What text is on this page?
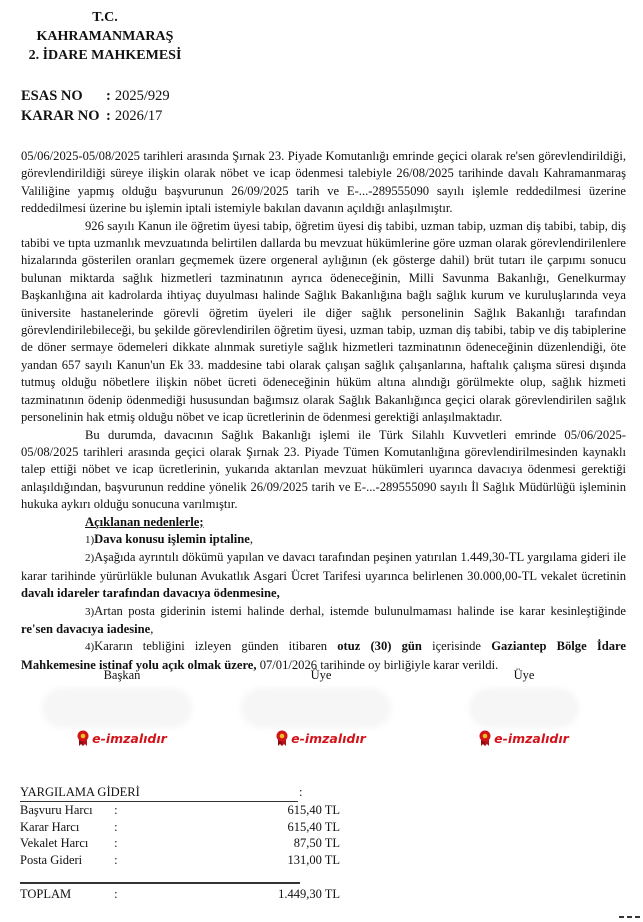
T.C.
KAHRAMANMARAŞ
2. İDARE MAHKEMESİ
ESAS NO	: 2025/929
KARAR NO : 2026/17

05/06/2025-05/08/2025 tarihleri arasında Şırnak 23. Piyade Komutanlığı emrinde geçici olarak re'sen görevlendirildiği, görevlendirildiği süreye ilişkin olarak nöbet ve icap ödenmesi talebiyle 26/08/2025 tarihinde davalı Kahramanmaraş Valiliğine yapmış olduğu başvurunun 26/09/2025 tarih ve E-...-289555090 sayılı işlemle reddedilmesi üzerine reddedilmesi üzerine bu işlemin iptali istemiyle bakılan davanın açıldığı anlaşılmıştır.

926 sayılı Kanun ile öğretim üyesi tabip, öğretim üyesi diş tabibi, uzman tabip, uzman diş tabibi, tabip, diş tabibi ve tıpta uzmanlık mevzuatında belirtilen dallarda bu mevzuat hükümlerine göre uzman olarak görevlendirilenlere hizalarında gösterilen oranları geçmemek üzere orgeneral aylığının (ek gösterge dahil) brüt tutarı ile çarpımı sonucu bulunan miktarda sağlık hizmetleri tazminatının ayrıca ödeneceğinin, Milli Savunma Bakanlığı, Genelkurmay Başkanlığına ait kadrolarda ihtiyaç duyulması halinde Sağlık Bakanlığına bağlı sağlık kurum ve kuruluşlarında veya üniversite hastanelerinde görevli öğretim üyeleri ile diğer sağlık personelinin Sağlık Bakanlığı tarafından görevlendirilebileceği, bu şekilde görevlendirilen öğretim üyesi, uzman tabip, uzman diş tabibi, tabip ve diş tabiplerine de döner sermaye ödemeleri dikkate alınmak suretiyle sağlık hizmetleri tazminatının ödeneceğinin düzenlendiği, öte yandan 657 sayılı Kanun'un Ek 33. maddesine tabi olarak çalışan sağlık çalışanlarına, haftalık çalışma süresi dışında tutmuş olduğu nöbetlere ilişkin nöbet ücreti ödeneceğinin hüküm altına alındığı görülmekte olup, sağlık hizmeti tazminatının ödenip ödenmediği hususundan bağımsız olarak Sağlık Bakanlığınca geçici olarak görevlendirilen sağlık personelinin hak etmiş olduğu nöbet ve icap ücretlerinin de ödenmesi gerektiği anlaşılmaktadır.

Bu durumda, davacının Sağlık Bakanlığı işlemi ile Türk Silahlı Kuvvetleri emrinde 05/06/2025-05/08/2025 tarihleri arasında geçici olarak Şırnak 23. Piyade Tümen Komutanlığına görevlendirilmesinden kaynaklı talep ettiği nöbet ve icap ücretlerinin, yukarıda aktarılan mevzuat hükümleri uyarınca davacıya ödenmesi gerektiği anlaşıldığından, başvurunun reddine yönelik 26/09/2025 tarih ve E-...-289555090 sayılı İl Sağlık Müdürlüğü işleminin hukuka aykırı olduğu sonucuna varılmıştır.

Açıklanan nedenlerle;

1)Dava konusu işlemin iptaline,

2)Aşağıda ayrıntılı dökümü yapılan ve davacı tarafından peşinen yatırılan 1.449,30-TL yargılama gideri ile karar tarihinde yürürlükle bulunan Avukatlık Asgari Ücret Tarifesi uyarınca belirlenen 30.000,00-TL vekalet ücretinin davalı idareler tarafından davacıya ödenmesine,

3)Artan posta giderinin istemi halinde derhal, istemde bulunulmaması halinde ise karar kesinleştiğinde re'sen davacıya iadesine,

4)Kararın tebliğini izleyen günden itibaren otuz (30) gün içerisinde Gaziantep Bölge İdare Mahkemesine istinaf yolu açık olmak üzere, 07/01/2026 tarihinde oy birliğiyle karar verildi.

Başkan
e-imzalıdır
Üye
e-imzalıdır
Üye
e-imzalıdır
YARGILAMA GİDERİ	:
Başvuru Harcı	:	615,40 TL
Karar Harcı	:	615,40 TL
Vekalet Harcı	:	87,50 TL
Posta Gideri	:	131,00 TL
TOPLAM	:	1.449,30 TL
